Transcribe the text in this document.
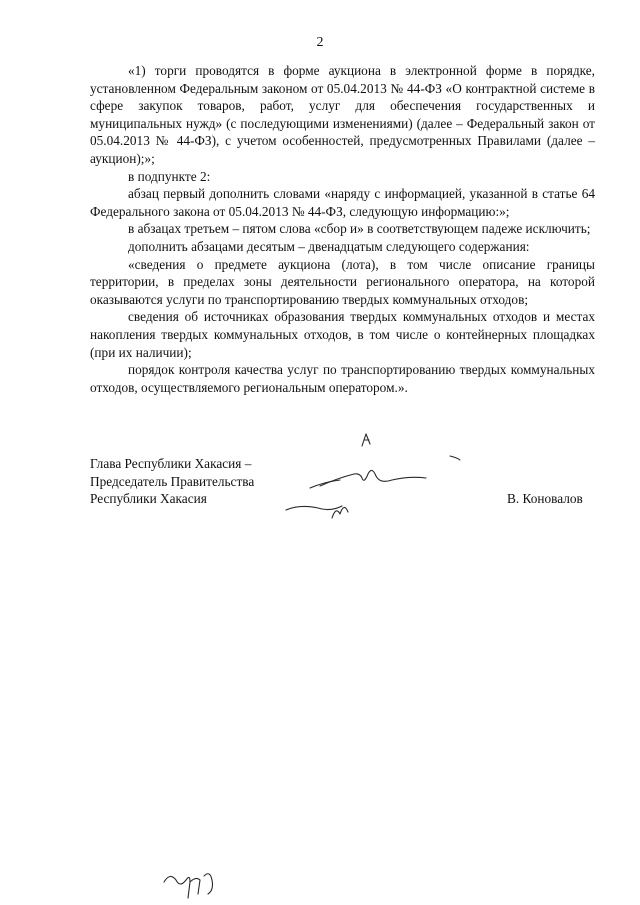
2

«1) торги проводятся в форме аукциона в электронной форме в порядке, установленном Федеральным законом от 05.04.2013 № 44-ФЗ «О контрактной системе в сфере закупок товаров, работ, услуг для обеспечения государственных и муниципальных нужд» (с последующими изменениями) (далее – Федеральный закон от 05.04.2013 № 44-ФЗ), с учетом особенностей, предусмотренных Правилами (далее – аукцион);»;

в подпункте 2:

абзац первый дополнить словами «наряду с информацией, указанной в статье 64 Федерального закона от 05.04.2013 № 44-ФЗ, следующую информацию:»;

в абзацах третьем – пятом слова «сбор и» в соответствующем падеже исключить;

дополнить абзацами десятым – двенадцатым следующего содержания:

«сведения о предмете аукциона (лота), в том числе описание границы территории, в пределах зоны деятельности регионального оператора, на которой оказываются услуги по транспортированию твердых коммунальных отходов;

сведения об источниках образования твердых коммунальных отходов и местах накопления твердых коммунальных отходов, в том числе о контейнерных площадках (при их наличии);

порядок контроля качества услуг по транспортированию твердых коммунальных отходов, осуществляемого региональным оператором.».

Глава Республики Хакасия –
Председатель Правительства
Республики Хакасия	В. Коновалов
